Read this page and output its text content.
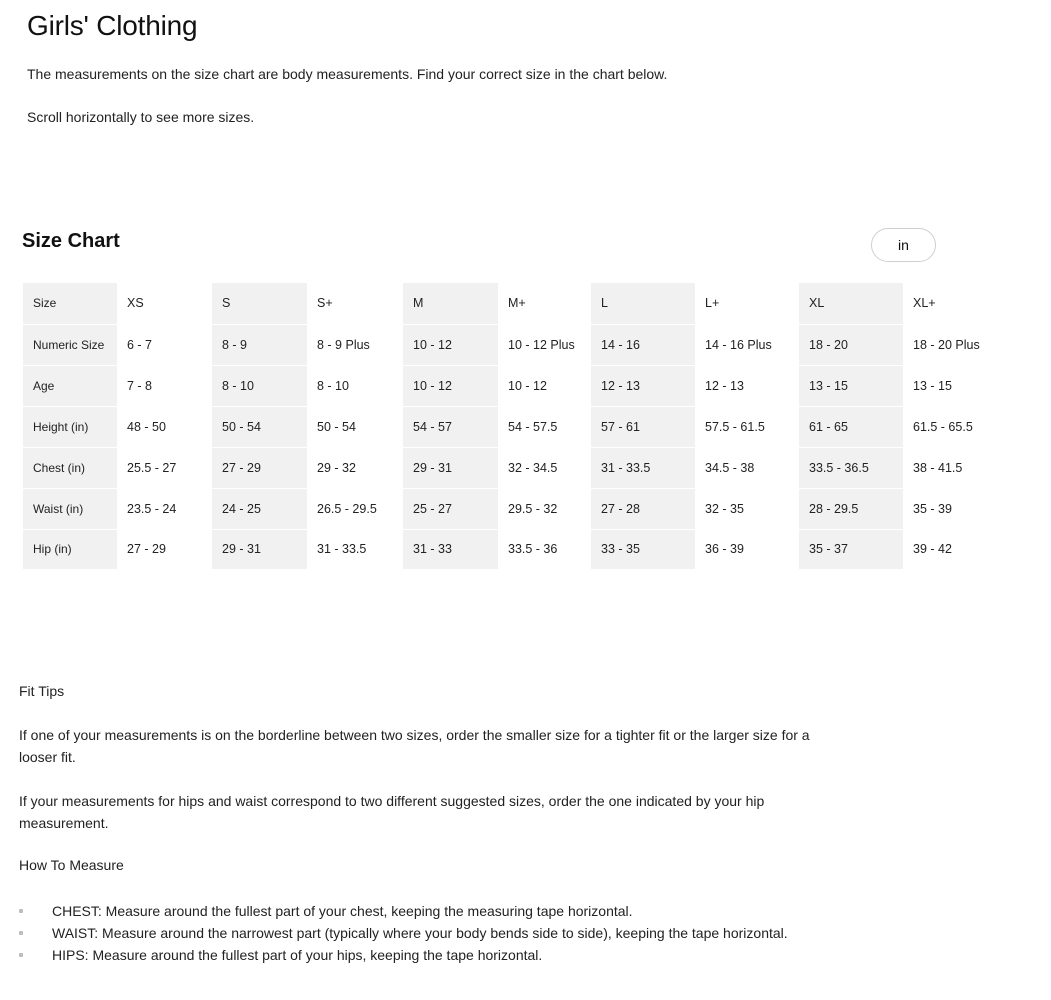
Girls' Clothing

The measurements on the size chart are body measurements. Find your correct size in the chart below.

Scroll horizontally to see more sizes.

Size Chart	in
Size	XS	S	S+	M	M+	L	L+	XL	XL+
Numeric Size	6 - 7	8 - 9	8 - 9 Plus	10 - 12	10 - 12 Plus	14 - 16	14 - 16 Plus	18 - 20	18 - 20 Plus
Age	7 - 8	8 - 10	8 - 10	10 - 12	10 - 12	12 - 13	12 - 13	13 - 15	13 - 15
Height (in)	48 - 50	50 - 54	50 - 54	54 - 57	54 - 57.5	57 - 61	57.5 - 61.5	61 - 65	61.5 - 65.5
Chest (in)	25.5 - 27	27 - 29	29 - 32	29 - 31	32 - 34.5	31 - 33.5	34.5 - 38	33.5 - 36.5	38 - 41.5
Waist (in)	23.5 - 24	24 - 25	26.5 - 29.5	25 - 27	29.5 - 32	27 - 28	32 - 35	28 - 29.5	35 - 39
Hip (in)	27 - 29	29 - 31	31 - 33.5	31 - 33	33.5 - 36	33 - 35	36 - 39	35 - 37	39 - 42

Fit Tips

If one of your measurements is on the borderline between two sizes, order the smaller size for a tighter fit or the larger size for a looser fit.

If your measurements for hips and waist correspond to two different suggested sizes, order the one indicated by your hip measurement.

How To Measure

CHEST: Measure around the fullest part of your chest, keeping the measuring tape horizontal.
WAIST: Measure around the narrowest part (typically where your body bends side to side), keeping the tape horizontal.
HIPS: Measure around the fullest part of your hips, keeping the tape horizontal.
